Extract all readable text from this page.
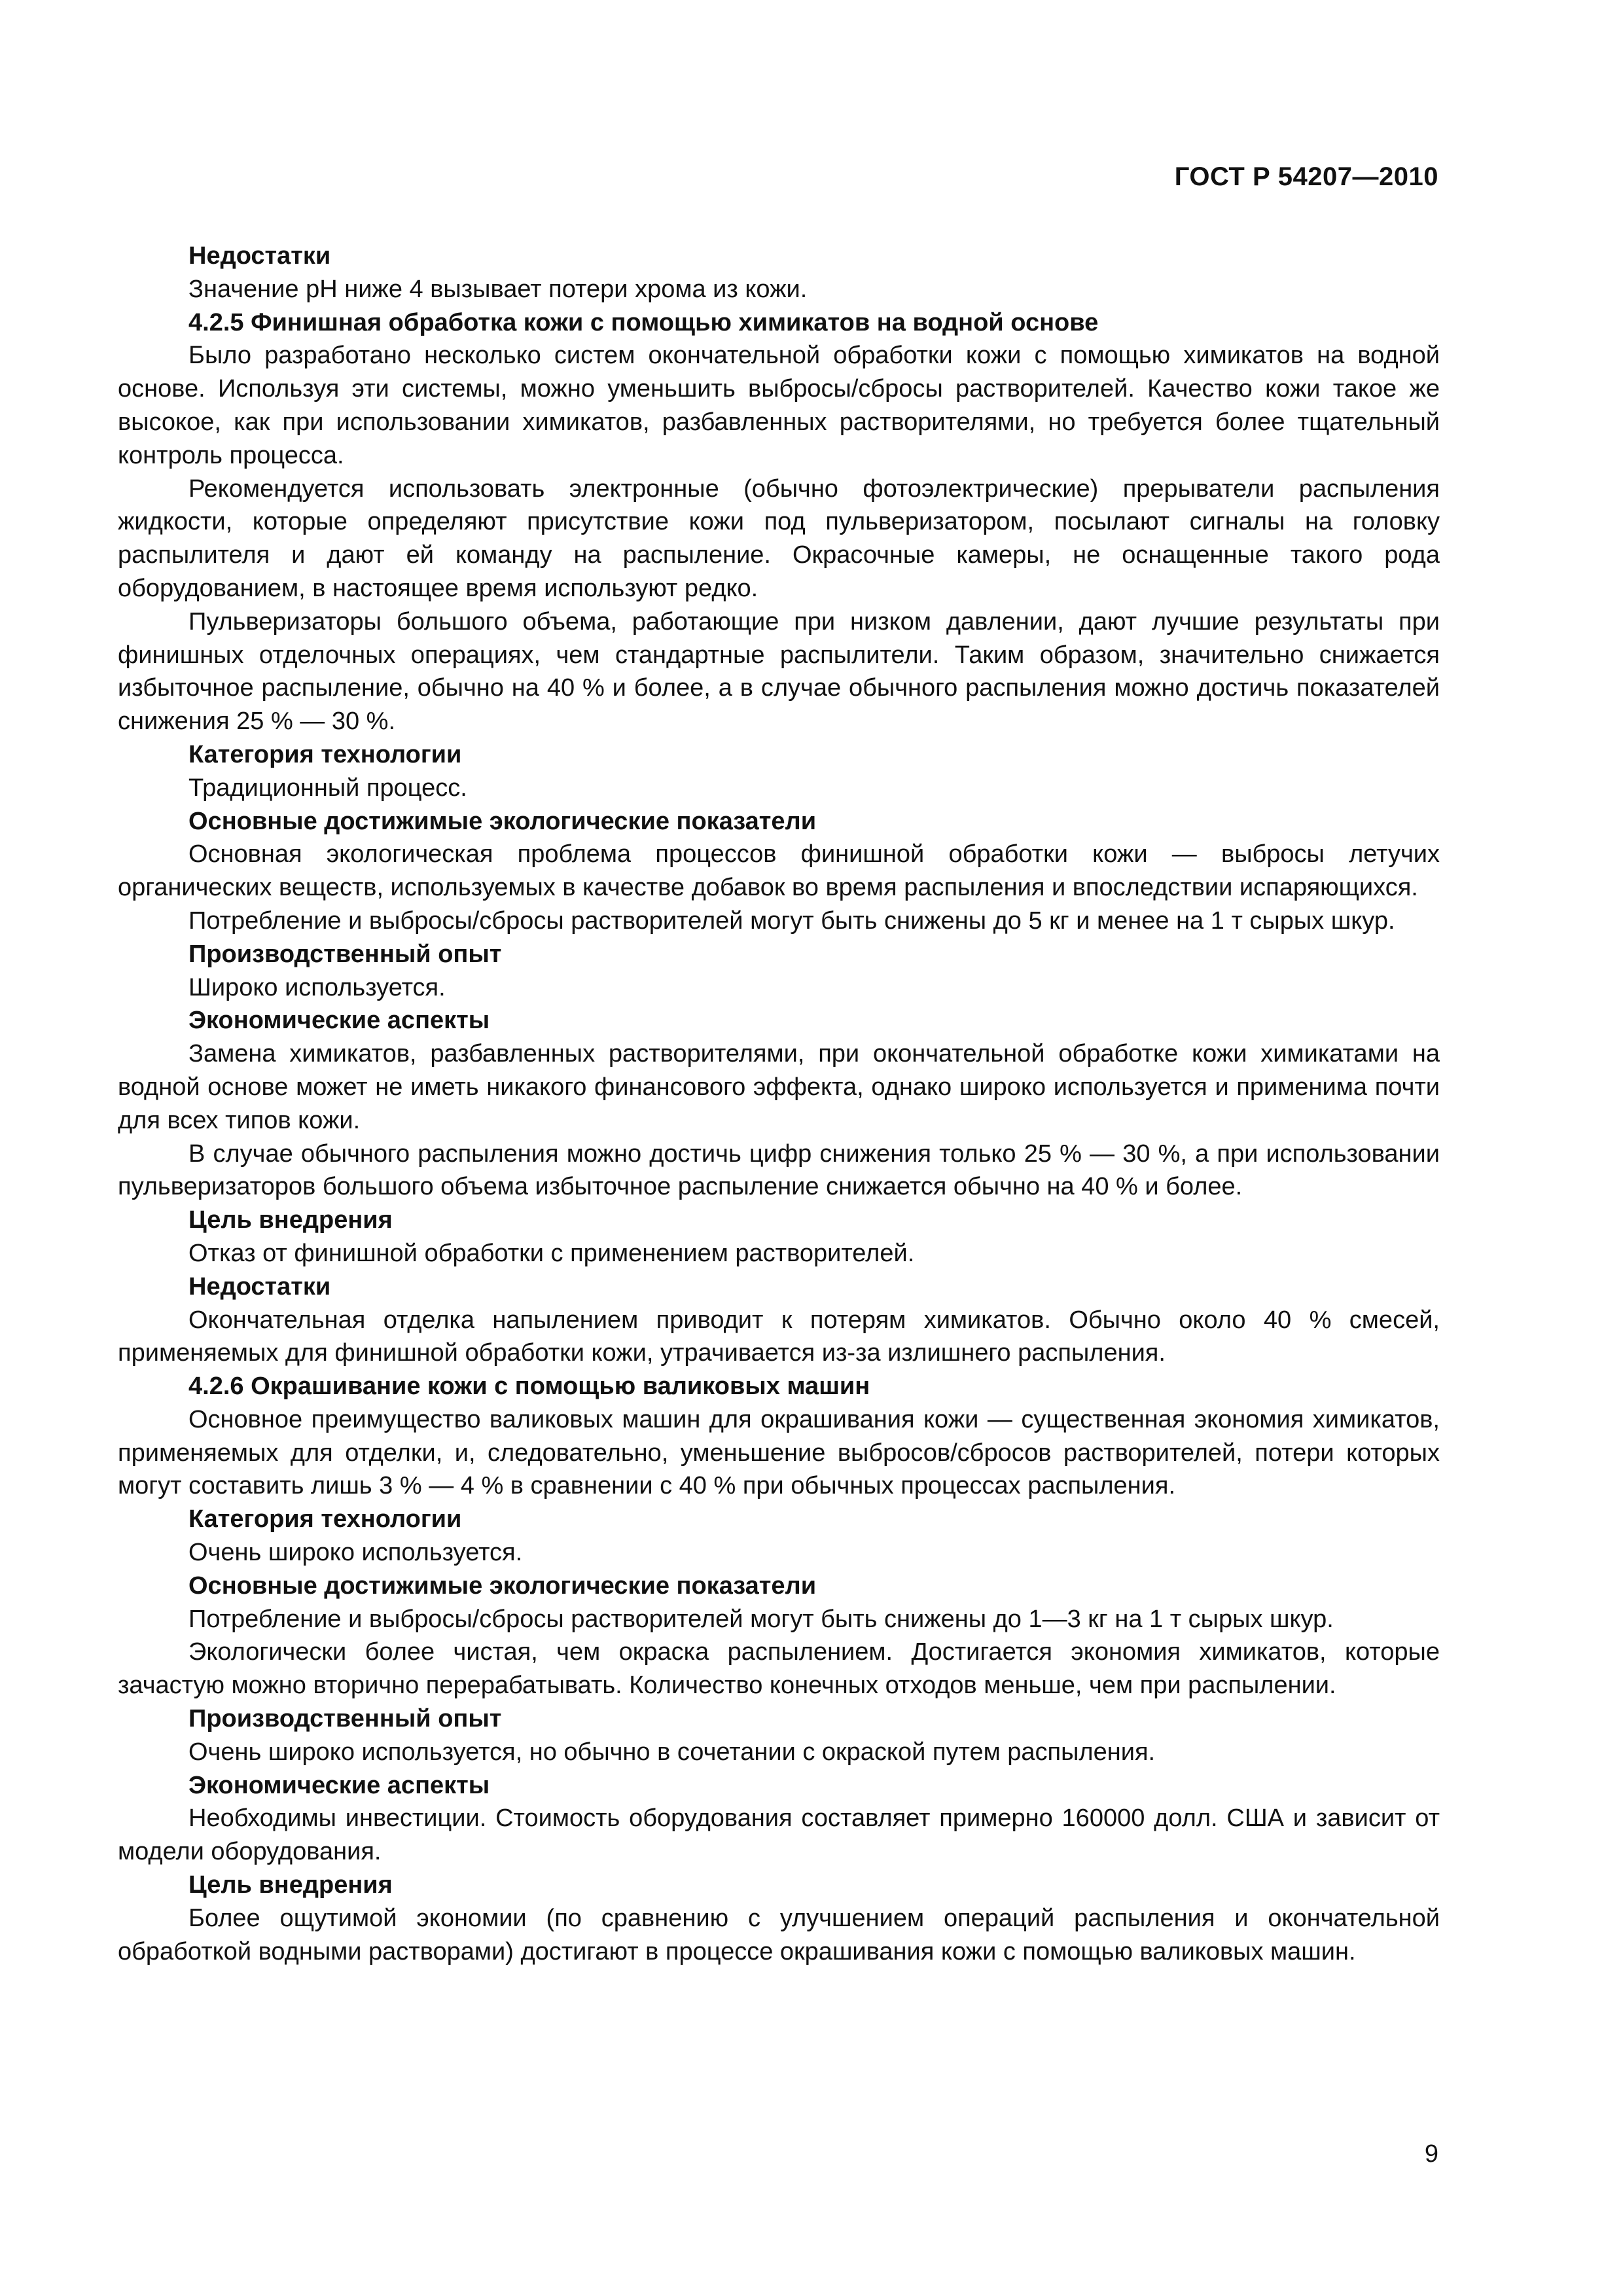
ГОСТ Р 54207—2010

Недостатки

Значение рН ниже 4 вызывает потери хрома из кожи.

4.2.5 Финишная обработка кожи с помощью химикатов на водной основе

Было разработано несколько систем окончательной обработки кожи с помощью химикатов на водной основе. Используя эти системы, можно уменьшить выбросы/сбросы растворителей. Качество кожи такое же высокое, как при использовании химикатов, разбавленных растворителями, но требуется более тщательный контроль процесса.

Рекомендуется использовать электронные (обычно фотоэлектрические) прерыватели распыления жидкости, которые определяют присутствие кожи под пульверизатором, посылают сигналы на головку распылителя и дают ей команду на распыление. Окрасочные камеры, не оснащенные такого рода оборудованием, в настоящее время используют редко.

Пульверизаторы большого объема, работающие при низком давлении, дают лучшие результаты при финишных отделочных операциях, чем стандартные распылители. Таким образом, значительно снижается избыточное распыление, обычно на 40 % и более, а в случае обычного распыления можно достичь показателей снижения 25 % — 30 %.

Категория технологии

Традиционный процесс.

Основные достижимые экологические показатели

Основная экологическая проблема процессов финишной обработки кожи — выбросы летучих органических веществ, используемых в качестве добавок во время распыления и впоследствии испаряющихся.

Потребление и выбросы/сбросы растворителей могут быть снижены до 5 кг и менее на 1 т сырых шкур.

Производственный опыт

Широко используется.

Экономические аспекты

Замена химикатов, разбавленных растворителями, при окончательной обработке кожи химикатами на водной основе может не иметь никакого финансового эффекта, однако широко используется и применима почти для всех типов кожи.

В случае обычного распыления можно достичь цифр снижения только 25 % — 30 %, а при использовании пульверизаторов большого объема избыточное распыление снижается обычно на 40 % и более.

Цель внедрения

Отказ от финишной обработки с применением растворителей.

Недостатки

Окончательная отделка напылением приводит к потерям химикатов. Обычно около 40 % смесей, применяемых для финишной обработки кожи, утрачивается из-за излишнего распыления.

4.2.6 Окрашивание кожи с помощью валиковых машин

Основное преимущество валиковых машин для окрашивания кожи — существенная экономия химикатов, применяемых для отделки, и, следовательно, уменьшение выбросов/сбросов растворителей, потери которых могут составить лишь 3 % — 4 % в сравнении с 40 % при обычных процессах распыления.

Категория технологии

Очень широко используется.

Основные достижимые экологические показатели

Потребление и выбросы/сбросы растворителей могут быть снижены до 1—3 кг на 1 т сырых шкур.

Экологически более чистая, чем окраска распылением. Достигается экономия химикатов, которые зачастую можно вторично перерабатывать. Количество конечных отходов меньше, чем при распылении.

Производственный опыт

Очень широко используется, но обычно в сочетании с окраской путем распыления.

Экономические аспекты

Необходимы инвестиции. Стоимость оборудования составляет примерно 160000 долл. США и зависит от модели оборудования.

Цель внедрения

Более ощутимой экономии (по сравнению с улучшением операций распыления и окончательной обработкой водными растворами) достигают в процессе окрашивания кожи с помощью валиковых машин.

9
